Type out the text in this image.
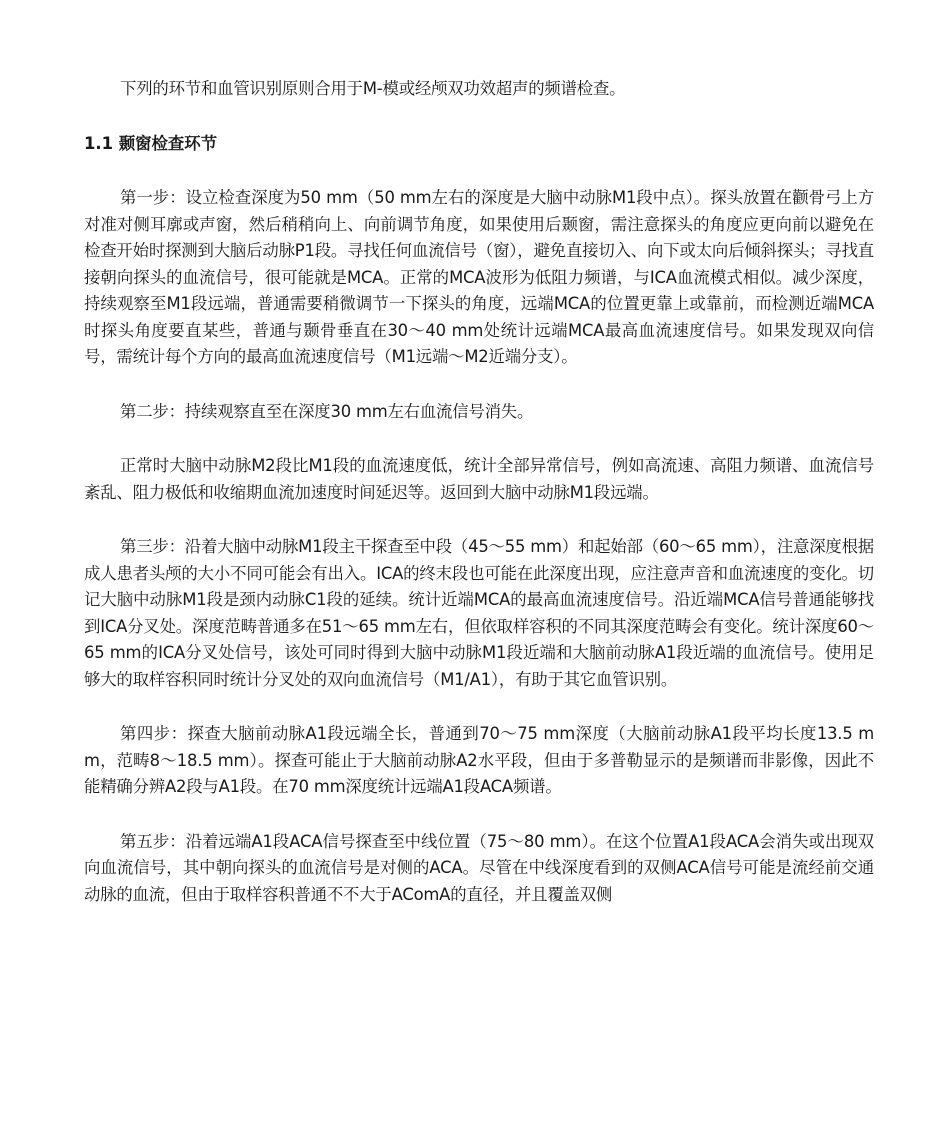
下列的环节和血管识别原则合用于M-模或经颅双功效超声的频谱检查。

1.1 颞窗检查环节

第一步：设立检查深度为50 mm（50 mm左右的深度是大脑中动脉M1段中点）。探头放置在颧骨弓上方对准对侧耳廓或声窗，然后稍稍向上、向前调节角度，如果使用后颞窗，需注意探头的角度应更向前以避免在检查开始时探测到大脑后动脉P1段。寻找任何血流信号（窗），避免直接切入、向下或太向后倾斜探头；寻找直接朝向探头的血流信号，很可能就是MCA。正常的MCA波形为低阻力频谱，与ICA血流模式相似。减少深度，持续观察至M1段远端，普通需要稍微调节一下探头的角度，远端MCA的位置更靠上或靠前，而检测近端MCA时探头角度要直某些，普通与颞骨垂直在30～40 mm处统计远端MCA最高血流速度信号。如果发现双向信号，需统计每个方向的最高血流速度信号（M1远端～M2近端分支）。

第二步：持续观察直至在深度30 mm左右血流信号消失。

正常时大脑中动脉M2段比M1段的血流速度低，统计全部异常信号，例如高流速、高阻力频谱、血流信号紊乱、阻力极低和收缩期血流加速度时间延迟等。返回到大脑中动脉M1段远端。

第三步：沿着大脑中动脉M1段主干探查至中段（45～55 mm）和起始部（60～65 mm），注意深度根据成人患者头颅的大小不同可能会有出入。ICA的终末段也可能在此深度出现，应注意声音和血流速度的变化。切记大脑中动脉M1段是颈内动脉C1段的延续。统计近端MCA的最高血流速度信号。沿近端MCA信号普通能够找到ICA分叉处。深度范畴普通多在51～65 mm左右，但依取样容积的不同其深度范畴会有变化。统计深度60～65 mm的ICA分叉处信号，该处可同时得到大脑中动脉M1段近端和大脑前动脉A1段近端的血流信号。使用足够大的取样容积同时统计分叉处的双向血流信号（M1/A1），有助于其它血管识别。

第四步：探查大脑前动脉A1段远端全长，普通到70～75 mm深度（大脑前动脉A1段平均长度13.5 mm，范畴8～18.5 mm）。探查可能止于大脑前动脉A2水平段，但由于多普勒显示的是频谱而非影像，因此不能精确分辨A2段与A1段。在70 mm深度统计远端A1段ACA频谱。

第五步：沿着远端A1段ACA信号探查至中线位置（75～80 mm）。在这个位置A1段ACA会消失或出现双向血流信号，其中朝向探头的血流信号是对侧的ACA。尽管在中线深度看到的双侧ACA信号可能是流经前交通动脉的血流，但由于取样容积普通不不大于AComA的直径，并且覆盖双侧
